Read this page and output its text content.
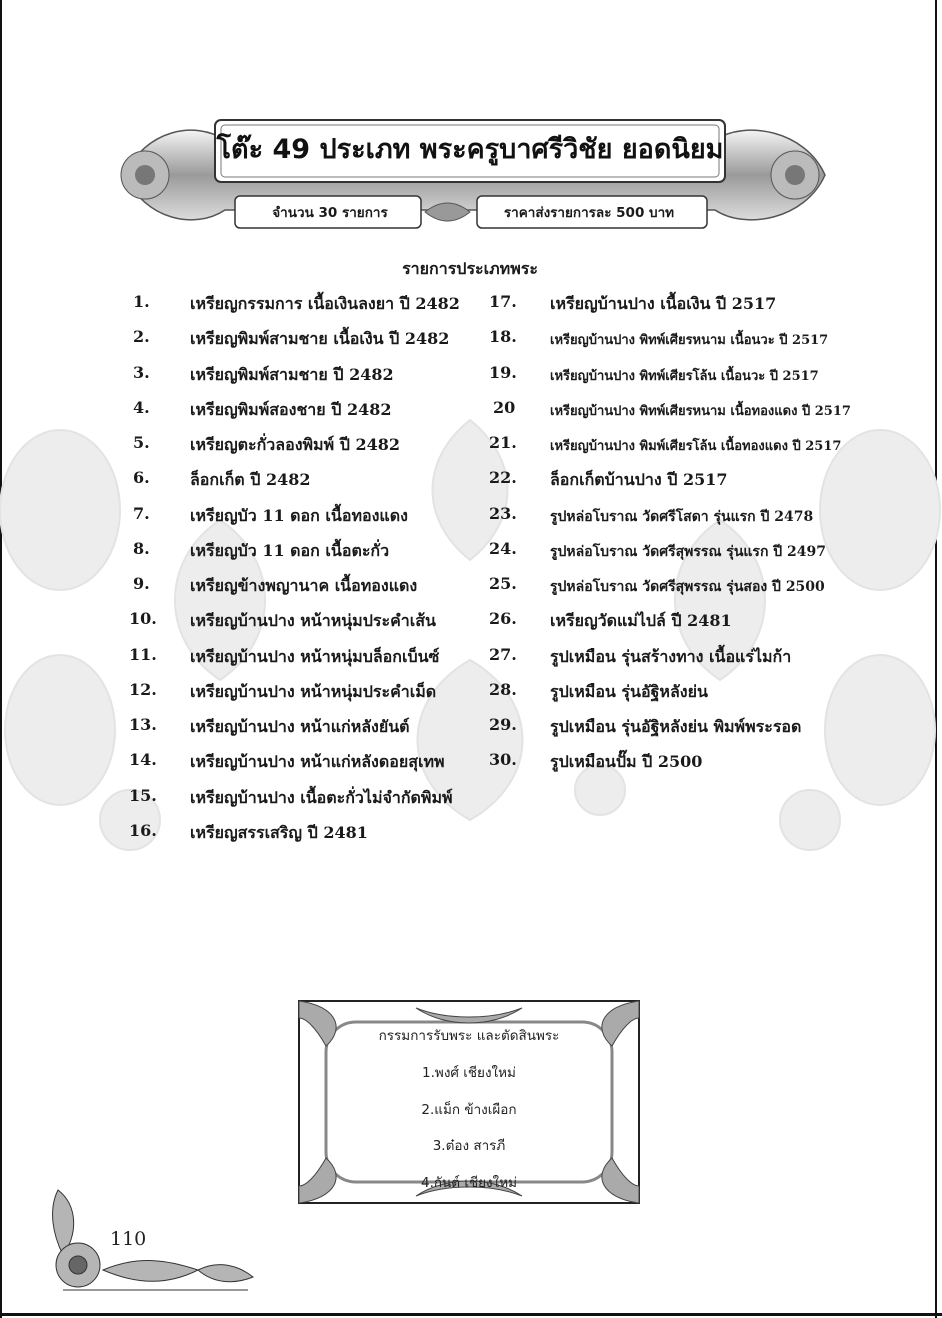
โต๊ะ 49 ประเภท พระครูบาศรีวิชัย ยอดนิยม
จำนวน 30 รายการ	ราคาส่งรายการละ 500 บาท
รายการประเภทพระ
1.	เหรียญกรรมการ เนื้อเงินลงยา ปี 2482
2.	เหรียญพิมพ์สามชาย เนื้อเงิน ปี 2482
3.	เหรียญพิมพ์สามชาย ปี 2482
4.	เหรียญพิมพ์สองชาย ปี 2482
5.	เหรียญตะกั่วลองพิมพ์ ปี 2482
6.	ล็อกเก็ต ปี 2482
7.	เหรียญบัว 11 ดอก เนื้อทองแดง
8.	เหรียญบัว 11 ดอก เนื้อตะกั่ว
9.	เหรียญข้างพญานาค เนื้อทองแดง
10. เหรียญบ้านปาง หน้าหนุ่มประคำเส้น
11. เหรียญบ้านปาง หน้าหนุ่มบล็อกเบ็นซ์
12. เหรียญบ้านปาง หน้าหนุ่มประคำเม็ด
13. เหรียญบ้านปาง หน้าแก่หลังยันต์
14. เหรียญบ้านปาง หน้าแก่หลังดอยสุเทพ
15. เหรียญบ้านปาง เนื้อตะกั่วไม่จำกัดพิมพ์
16. เหรียญสรรเสริญ ปี 2481
17. เหรียญบ้านปาง เนื้อเงิน ปี 2517
18.	เหรียญบ้านปาง พิทพ์เศียรหนาม เนื้อนวะ ปี 2517
19.	เหรียญบ้านปาง พิทพ์เศียรโล้น เนื้อนวะ ปี 2517
20	เหรียญบ้านปาง พิทพ์เศียรหนาม เนื้อทองแดง ปี 2517
21.	เหรียญบ้านปาง พิมพ์เศียรโล้น เนื้อทองแดง ปี 2517
22. ล็อกเก็ตบ้านปาง ปี 2517
23. รูปหล่อโบราณ วัดศรีโสดา รุ่นแรก ปี 2478
24. รูปหล่อโบราณ วัดศรีสุพรรณ รุ่นแรก ปี 2497
25. รูปหล่อโบราณ วัดศรีสุพรรณ รุ่นสอง ปี 2500
26. เหรียญวัดแม่ไปล์ ปี 2481
27. รูปเหมือน รุ่นสร้างทาง เนื้อแร่ไมก้า
28. รูปเหมือน รุ่นอัฐิหลังย่น
29. รูปเหมือน รุ่นอัฐิหลังย่น พิมพ์พระรอด
30. รูปเหมือนปั๊ม ปี 2500
กรรมการรับพระ และตัดสินพระ
1.พงศ์ เชียงใหม่
2.แม็ก ข้างเผือก
3.ต๋อง สารภี
4.กันต์ เชียงใหม่
110
